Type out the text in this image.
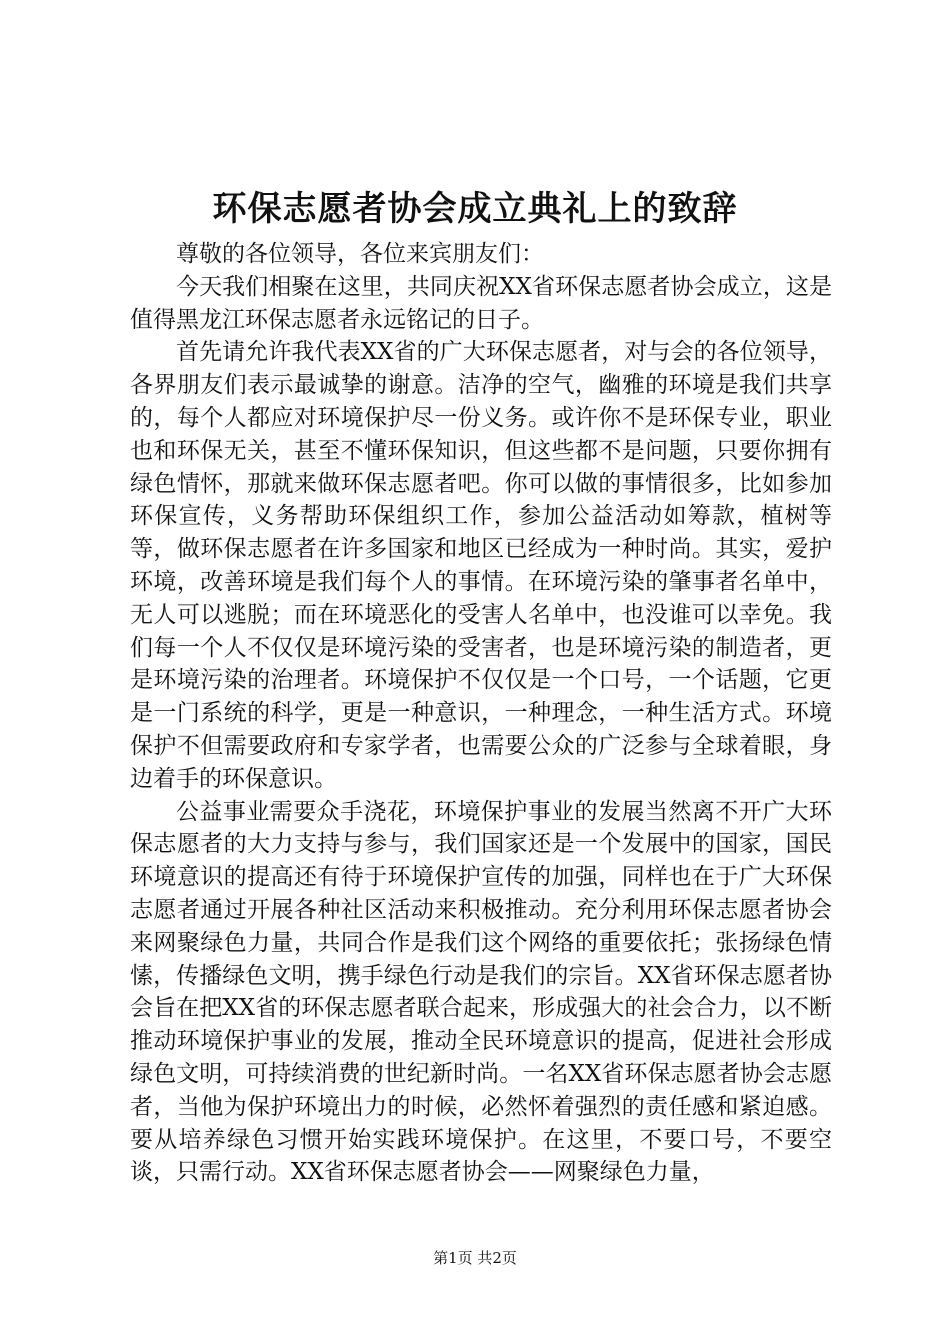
环保志愿者协会成立典礼上的致辞

尊敬的各位领导，各位来宾朋友们：

今天我们相聚在这里，共同庆祝XX省环保志愿者协会成立，这是值得黑龙江环保志愿者永远铭记的日子。

首先请允许我代表XX省的广大环保志愿者，对与会的各位领导，各界朋友们表示最诚挚的谢意。洁净的空气，幽雅的环境是我们共享的，每个人都应对环境保护尽一份义务。或许你不是环保专业，职业也和环保无关，甚至不懂环保知识，但这些都不是问题，只要你拥有绿色情怀，那就来做环保志愿者吧。你可以做的事情很多，比如参加环保宣传，义务帮助环保组织工作，参加公益活动如筹款，植树等等，做环保志愿者在许多国家和地区已经成为一种时尚。其实，爱护环境，改善环境是我们每个人的事情。在环境污染的肇事者名单中，无人可以逃脱；而在环境恶化的受害人名单中，也没谁可以幸免。我们每一个人不仅仅是环境污染的受害者，也是环境污染的制造者，更是环境污染的治理者。环境保护不仅仅是一个口号，一个话题，它更是一门系统的科学，更是一种意识，一种理念，一种生活方式。环境保护不但需要政府和专家学者，也需要公众的广泛参与全球着眼，身边着手的环保意识。

公益事业需要众手浇花，环境保护事业的发展当然离不开广大环保志愿者的大力支持与参与，我们国家还是一个发展中的国家，国民环境意识的提高还有待于环境保护宣传的加强，同样也在于广大环保志愿者通过开展各种社区活动来积极推动。充分利用环保志愿者协会来网聚绿色力量，共同合作是我们这个网络的重要依托；张扬绿色情愫，传播绿色文明，携手绿色行动是我们的宗旨。XX省环保志愿者协会旨在把XX省的环保志愿者联合起来，形成强大的社会合力，以不断推动环境保护事业的发展，推动全民环境意识的提高，促进社会形成绿色文明，可持续消费的世纪新时尚。一名XX省环保志愿者协会志愿者，当他为保护环境出力的时候，必然怀着强烈的责任感和紧迫感。要从培养绿色习惯开始实践环境保护。在这里，不要口号，不要空谈，只需行动。XX省环保志愿者协会——网聚绿色力量，

第1页 共2页
